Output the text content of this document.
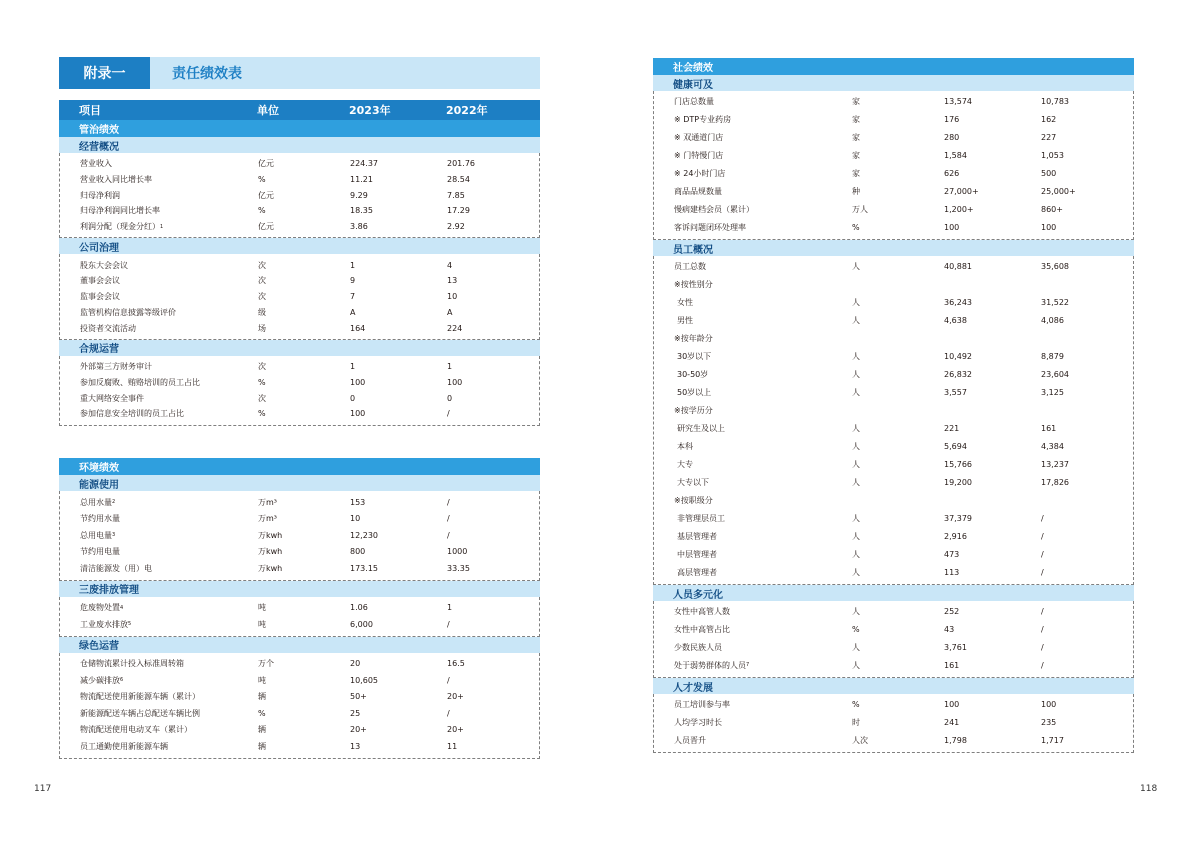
附录一	责任绩效表
项目	单位	2023年	2022年
管治绩效
经营概况
营业收入	亿元	224.37	201.76
营业收入同比增长率	%	11.21	28.54
归母净利润	亿元	9.29	7.85
归母净利润同比增长率	%	18.35	17.29
利润分配（现金分红） 1	亿元	3.86	2.92
公司治理
股东大会会议	次	1	4
董事会会议	次	9	13
监事会会议	次	7	10
监管机构信息披露等级评价	级	A	A
投资者交流活动	场	164	224
合规运营
外部第三方财务审计	次	1	1
参加反腐败、贿赂培训的员工占比	%	100	100
重大网络安全事件	次	0	0
参加信息安全培训的员工占比	%	100	/
环境绩效
能源使用
总用水量 2	万m³	153	/
节约用水量	万m³	10	/
总用电量 3	万kwh	12,230	/
节约用电量	万kwh	800	1000
清洁能源发（用）电	万kwh	173.15	33.35
三废排放管理
危废物处置 4	吨	1.06	1
工业废水排放 5	吨	6,000	/
绿色运营
仓储物流累计投入标准周转箱	万个	20	16.5
减少碳排放 6	吨	10,605	/
物流配送使用新能源车辆（累计）	辆	50+	20+
新能源配送车辆占总配送车辆比例	%	25	/
物流配送使用电动叉车（累计）	辆	20+	20+
员工通勤使用新能源车辆	辆	13	11
社会绩效
健康可及
门店总数量	家	13,574	10,783
※ DTP专业药房	家	176	162
※ 双通道门店	家	280	227
※ 门特慢门店	家	1,584	1,053
※ 24小时门店	家	626	500
商品品规数量	种	27,000+	25,000+
慢病建档会员（累计）	万人	1,200+	860+
客诉问题闭环处理率	%	100	100
员工概况
员工总数	人	40,881	35,608
※按性别分
女性	人	36,243	31,522
男性	人	4,638	4,086
※按年龄分
30岁以下	人	10,492	8,879
30-50岁	人	26,832	23,604
50岁以上	人	3,557	3,125
※按学历分
研究生及以上	人	221	161
本科	人	5,694	4,384
大专	人	15,766	13,237
大专以下	人	19,200	17,826
※按职级分
非管理层员工	人	37,379	/
基层管理者	人	2,916	/
中层管理者	人	473	/
高层管理者	人	113	/
人员多元化
女性中高管人数	人	252	/
女性中高管占比	%	43	/
少数民族人员	人	3,761	/
处于弱势群体的人员 7	人	161	/
人才发展
员工培训参与率	%	100	100
人均学习时长	时	241	235
人员晋升	人次	1,798	1,717
117	118
